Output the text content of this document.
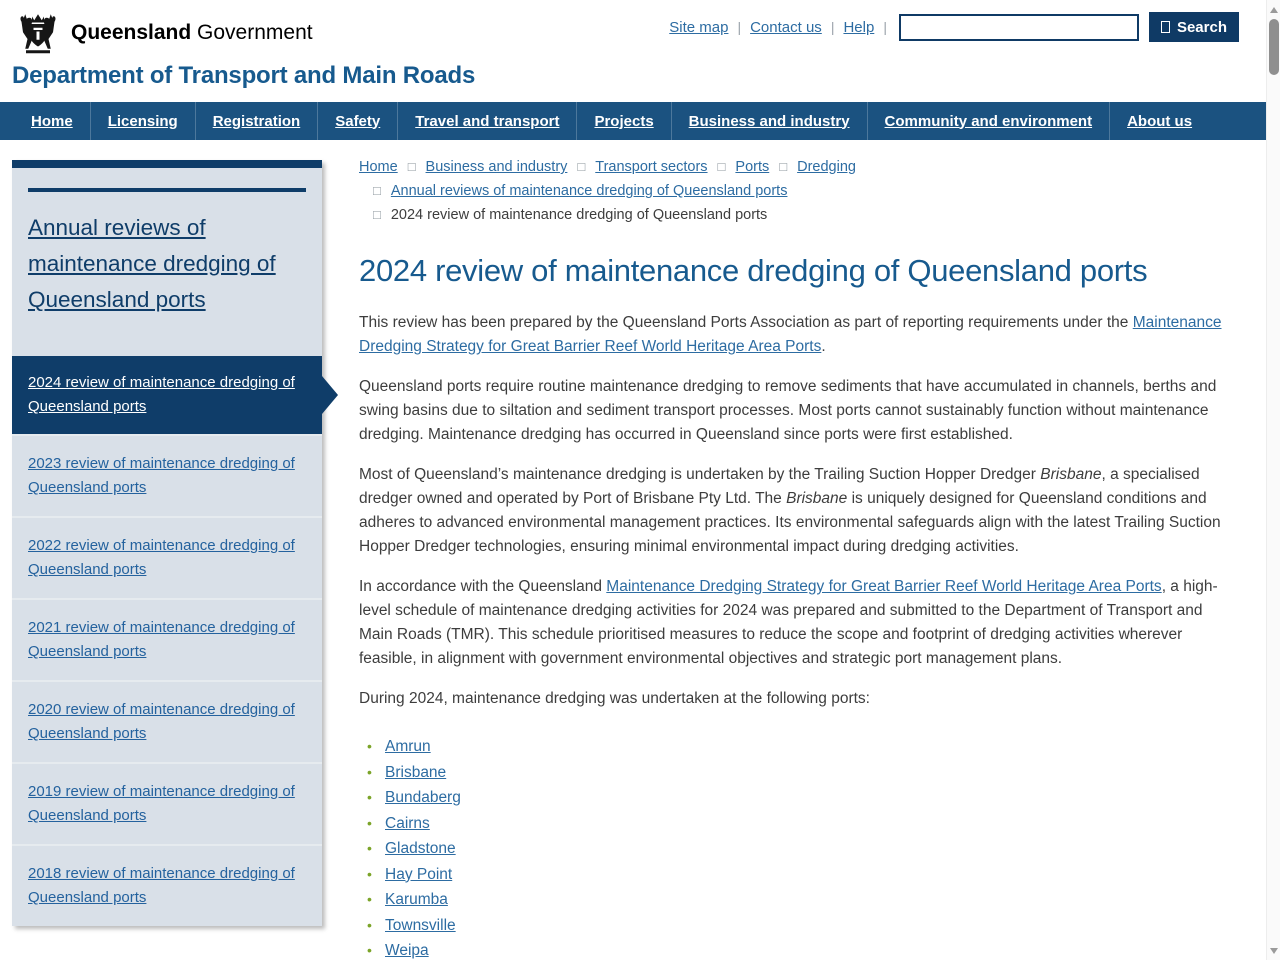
Queensland Government
Department of Transport and Main Roads
Site map | Contact us | Help |	Search
Home	Licensing	Registration	Safety	Travel and transport	Projects	Business and industry	Community and environment	About us
Annual reviews of maintenance dredging of Queensland ports
2024 review of maintenance dredging of Queensland ports
2023 review of maintenance dredging of Queensland ports
2022 review of maintenance dredging of Queensland ports
2021 review of maintenance dredging of Queensland ports
2020 review of maintenance dredging of Queensland ports
2019 review of maintenance dredging of Queensland ports
2018 review of maintenance dredging of Queensland ports
Home □ Business and industry □ Transport sectors □ Ports □ Dredging
□ Annual reviews of maintenance dredging of Queensland ports
□ 2024 review of maintenance dredging of Queensland ports
2024 review of maintenance dredging of Queensland ports

This review has been prepared by the Queensland Ports Association as part of reporting requirements under the Maintenance Dredging Strategy for Great Barrier Reef World Heritage Area Ports.

Queensland ports require routine maintenance dredging to remove sediments that have accumulated in channels, berths and swing basins due to siltation and sediment transport processes. Most ports cannot sustainably function without maintenance dredging. Maintenance dredging has occurred in Queensland since ports were first established.

Most of Queensland’s maintenance dredging is undertaken by the Trailing Suction Hopper Dredger Brisbane, a specialised dredger owned and operated by Port of Brisbane Pty Ltd. The Brisbane is uniquely designed for Queensland conditions and adheres to advanced environmental management practices. Its environmental safeguards align with the latest Trailing Suction Hopper Dredger technologies, ensuring minimal environmental impact during dredging activities.

In accordance with the Queensland Maintenance Dredging Strategy for Great Barrier Reef World Heritage Area Ports, a high-level schedule of maintenance dredging activities for 2024 was prepared and submitted to the Department of Transport and Main Roads (TMR). This schedule prioritised measures to reduce the scope and footprint of dredging activities wherever feasible, in alignment with government environmental objectives and strategic port management plans.

During 2024, maintenance dredging was undertaken at the following ports:

• Amrun
• Brisbane
• Bundaberg
• Cairns
• Gladstone
• Hay Point
• Karumba
• Townsville
• Weipa
